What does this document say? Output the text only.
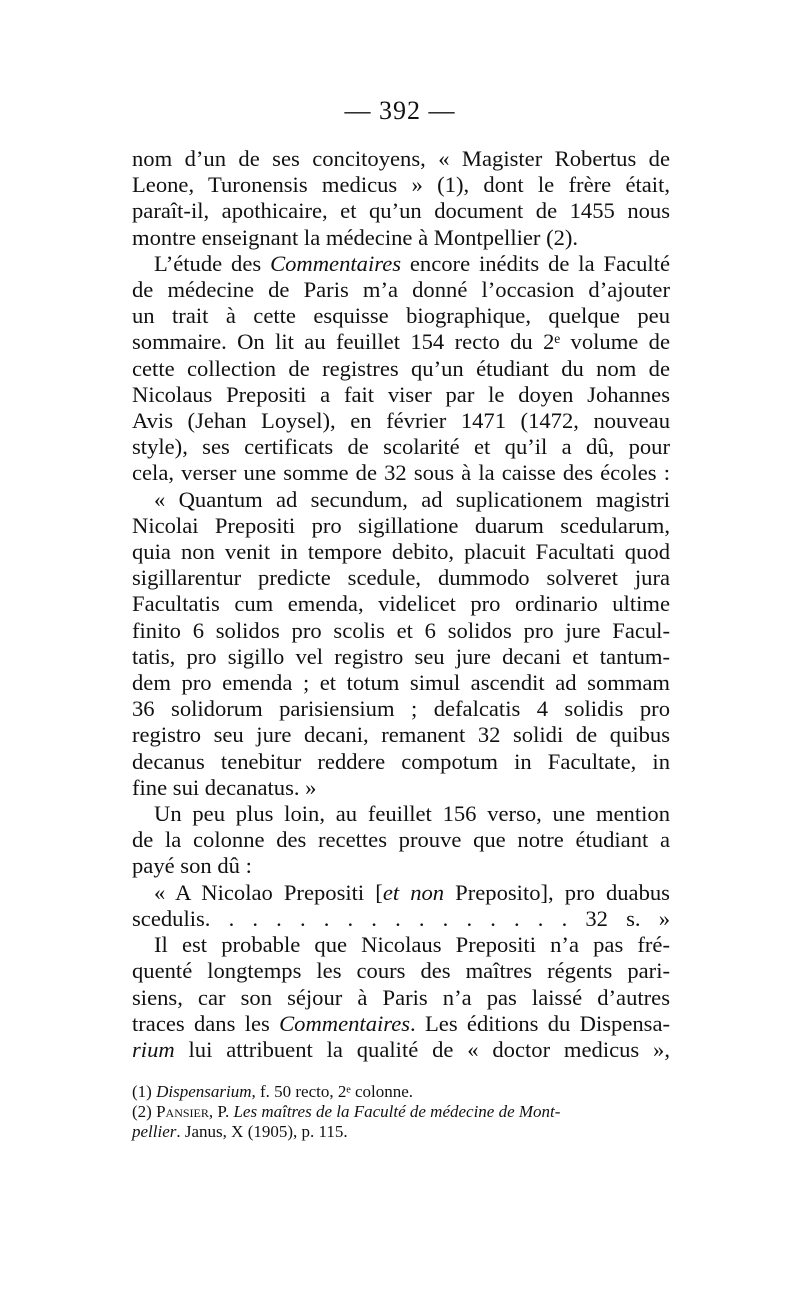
— 392 —
nom d’un de ses concitoyens, « Magister Robertus de
Leone, Turonensis medicus » (1), dont le frère était,
paraît-il, apothicaire, et qu’un document de 1455 nous
montre enseignant la médecine à Montpellier (2).
L’étude des Commentaires encore inédits de la Faculté
de médecine de Paris m’a donné l’occasion d’ajouter
un trait à cette esquisse biographique, quelque peu
sommaire. On lit au feuillet 154 recto du 2ᵉ volume de
cette collection de registres qu’un étudiant du nom de
Nicolaus Prepositi a fait viser par le doyen Johannes
Avis (Jehan Loysel), en février 1471 (1472, nouveau
style), ses certificats de scolarité et qu’il a dû, pour
cela, verser une somme de 32 sous à la caisse des écoles :
« Quantum ad secundum, ad suplicationem magistri
Nicolai Prepositi pro sigillatione duarum scedularum,
quia non venit in tempore debito, placuit Facultati quod
sigillarentur predicte scedule, dummodo solveret jura
Facultatis cum emenda, videlicet pro ordinario ultime
finito 6 solidos pro scolis et 6 solidos pro jure Facul-
tatis, pro sigillo vel registro seu jure decani et tantum-
dem pro emenda ; et totum simul ascendit ad sommam
36 solidorum parisiensium ; defalcatis 4 solidis pro
registro seu jure decani, remanent 32 solidi de quibus
decanus tenebitur reddere compotum in Facultate, in
fine sui decanatus. »
Un peu plus loin, au feuillet 156 verso, une mention
de la colonne des recettes prouve que notre étudiant a
payé son dû :
« A Nicolao Prepositi [et non Preposito], pro duabus
scedulis. . . . . . . . . . . . . . . . 32 s. »
Il est probable que Nicolaus Prepositi n’a pas fré-
quenté longtemps les cours des maîtres régents pari-
siens, car son séjour à Paris n’a pas laissé d’autres
traces dans les Commentaires. Les éditions du Dispensa-
rium lui attribuent la qualité de « doctor medicus »,
(1) Dispensarium, f. 50 recto, 2ᵉ colonne.
(2) Pansier, P. Les maîtres de la Faculté de médecine de Mont-
pellier. Janus, X (1905), p. 115.
